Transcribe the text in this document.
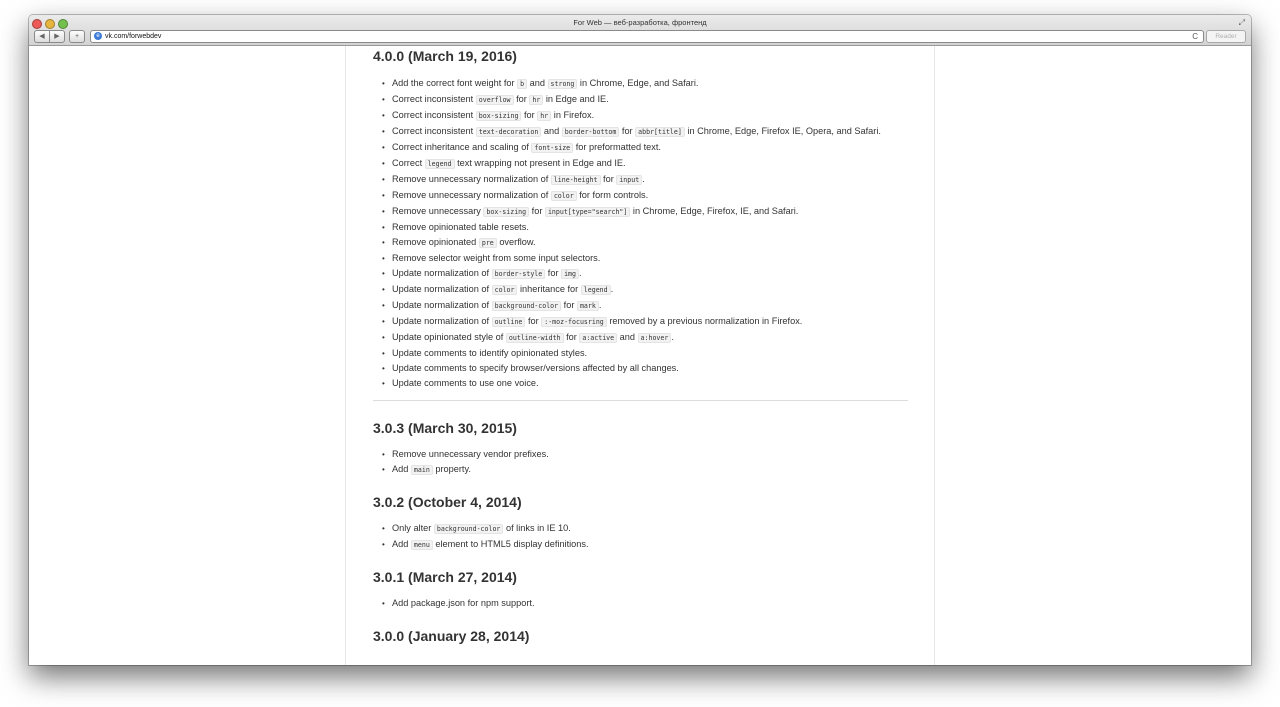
For Web — веб-разработка, фронтенд	⤢
◀	▶	+	e vk.com/forwebdev	C	Reader
4.0.0 (March 19, 2016)
• Add the correct font weight for b and strong in Chrome, Edge, and Safari.
• Correct inconsistent overflow for hr in Edge and IE.
• Correct inconsistent box-sizing for hr in Firefox.
• Correct inconsistent text-decoration and border-bottom for abbr[title] in Chrome, Edge, Firefox IE, Opera, and Safari.
• Correct inheritance and scaling of font-size for preformatted text.
• Correct legend text wrapping not present in Edge and IE.
• Remove unnecessary normalization of line-height for input .
• Remove unnecessary normalization of color for form controls.
• Remove unnecessary box-sizing for input[type="search"] in Chrome, Edge, Firefox, IE, and Safari.
• Remove opinionated table resets.
• Remove opinionated pre overflow.
• Remove selector weight from some input selectors.
• Update normalization of border-style for img .
• Update normalization of color inheritance for legend .
• Update normalization of background-color for mark .
• Update normalization of outline for :-moz-focusring removed by a previous normalization in Firefox.
• Update opinionated style of outline-width for a:active and a:hover .
• Update comments to identify opinionated styles.
• Update comments to specify browser/versions affected by all changes.
• Update comments to use one voice.
3.0.3 (March 30, 2015)
• Remove unnecessary vendor prefixes.
• Add main property.
3.0.2 (October 4, 2014)
• Only alter background-color of links in IE 10.
• Add menu element to HTML5 display definitions.
3.0.1 (March 27, 2014)
• Add package.json for npm support.
3.0.0 (January 28, 2014)
